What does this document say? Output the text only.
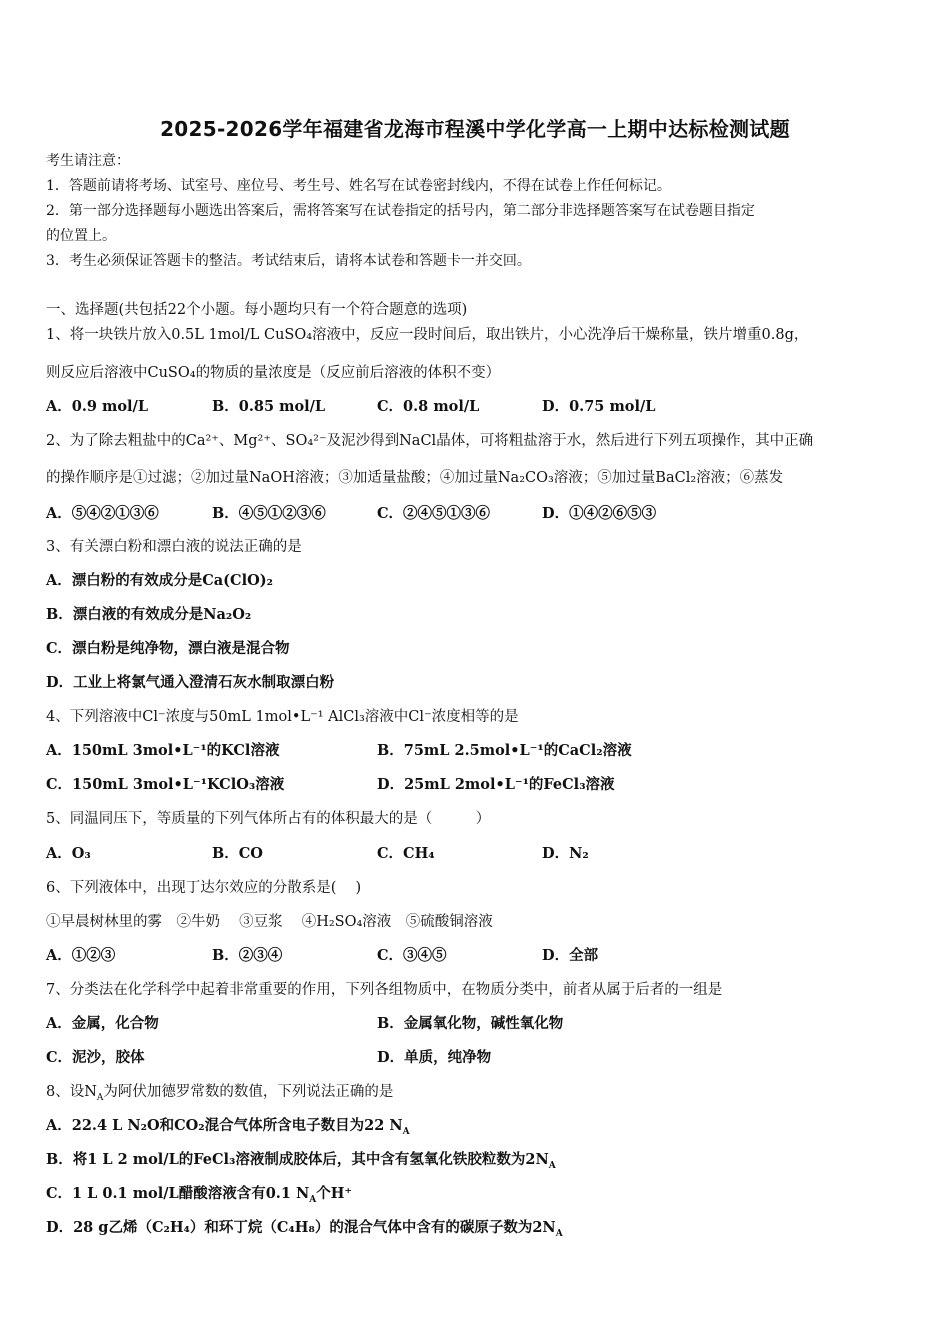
2025-2026学年福建省龙海市程溪中学化学高一上期中达标检测试题
考生请注意：
1．答题前请将考场、试室号、座位号、考生号、姓名写在试卷密封线内，不得在试卷上作任何标记。
2．第一部分选择题每小题选出答案后，需将答案写在试卷指定的括号内，第二部分非选择题答案写在试卷题目指定
的位置上。
3．考生必须保证答题卡的整洁。考试结束后，请将本试卷和答题卡一并交回。
一、选择题(共包括22个小题。每小题均只有一个符合题意的选项)
1、将一块铁片放入0.5L 1mol/L CuSO₄溶液中，反应一段时间后，取出铁片，小心洗净后干燥称量，铁片增重0.8g，
则反应后溶液中CuSO₄的物质的量浓度是（反应前后溶液的体积不变）
A．0.9 mol/L	B．0.85 mol/L	C．0.8 mol/L	D．0.75 mol/L
2、为了除去粗盐中的Ca²⁺、Mg²⁺、SO₄²⁻及泥沙得到NaCl晶体，可将粗盐溶于水，然后进行下列五项操作，其中正确
的操作顺序是①过滤；②加过量NaOH溶液；③加适量盐酸；④加过量Na₂CO₃溶液；⑤加过量BaCl₂溶液；⑥蒸发
A．⑤④②①③⑥	B．④⑤①②③⑥	C．②④⑤①③⑥	D．①④②⑥⑤③
3、有关漂白粉和漂白液的说法正确的是
A．漂白粉的有效成分是Ca(ClO)₂
B．漂白液的有效成分是Na₂O₂
C．漂白粉是纯净物，漂白液是混合物
D．工业上将氯气通入澄清石灰水制取漂白粉
4、下列溶液中Cl⁻浓度与50mL 1mol•L⁻¹ AlCl₃溶液中Cl⁻浓度相等的是
A．150mL 3mol•L⁻¹的KCl溶液	B．75mL 2.5mol•L⁻¹的CaCl₂溶液
C．150mL 3mol•L⁻¹KClO₃溶液	D．25mL 2mol•L⁻¹的FeCl₃溶液
5、同温同压下，等质量的下列气体所占有的体积最大的是（　　　）
A．O₃	B．CO	C．CH₄	D．N₂
6、下列液体中，出现丁达尔效应的分散系是(　 )
①早晨树林里的雾　②牛奶　 ③豆浆　 ④H₂SO₄溶液　⑤硫酸铜溶液
A．①②③	B．②③④	C．③④⑤	D．全部
7、分类法在化学科学中起着非常重要的作用，下列各组物质中，在物质分类中，前者从属于后者的一组是
A．金属，化合物	B．金属氧化物，碱性氧化物
C．泥沙，胶体	D．单质，纯净物
8、设$N_A$为阿伏加德罗常数的数值，下列说法正确的是
A．22.4 L N₂O和CO₂混合气体所含电子数目为22 $N_A$
B．将1 L 2 mol/L的FeCl₃溶液制成胶体后，其中含有氢氧化铁胶粒数为$2N_A$
C．1 L 0.1 mol/L醋酸溶液含有0.1 $N_A$个H⁺
D．28 g乙烯（C₂H₄）和环丁烷（C₄H₈）的混合气体中含有的碳原子数为$2N_A$
